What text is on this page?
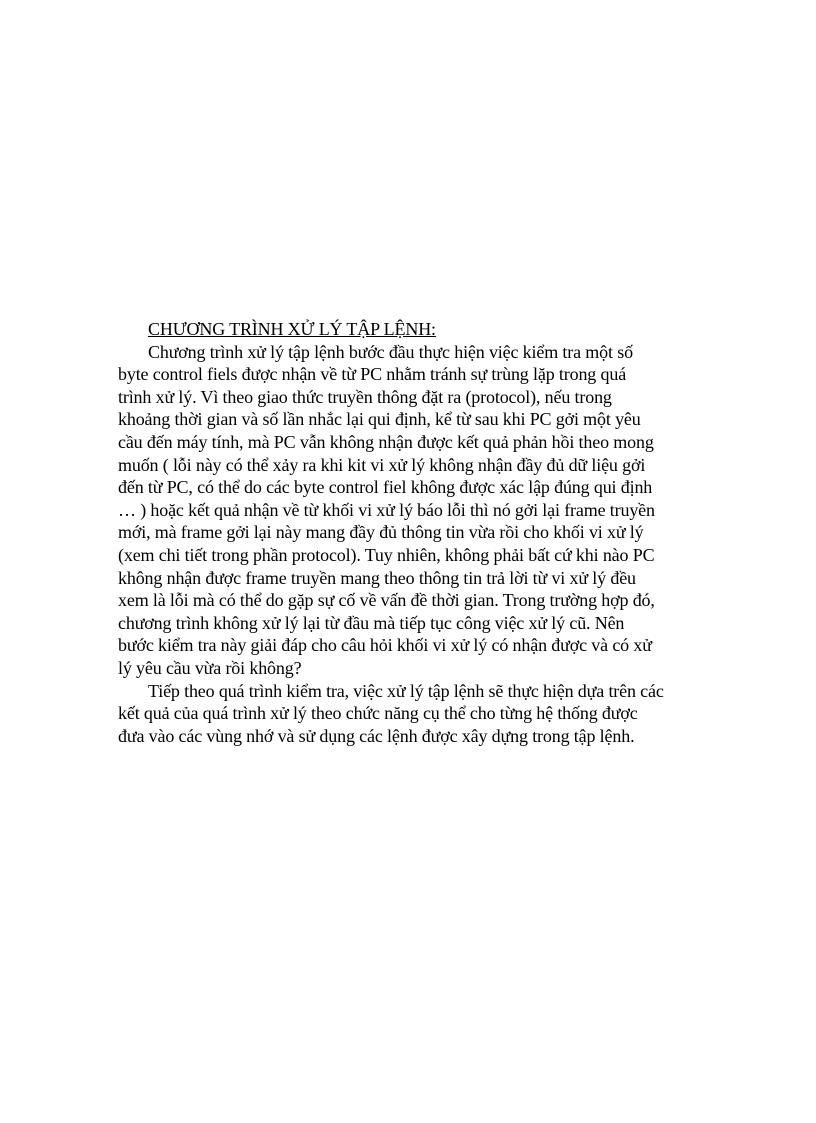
CHƯƠNG TRÌNH XỬ LÝ TẬP LỆNH:

Chương trình xử lý tập lệnh bước đầu thực hiện việc kiểm tra một số
byte control fiels được nhận về từ PC nhằm tránh sự trùng lặp trong quá
trình xử lý. Vì theo giao thức truyền thông đặt ra (protocol), nếu trong
khoảng thời gian và số lần nhắc lại qui định, kể từ sau khi PC gởi một yêu
cầu đến máy tính, mà PC vẫn không nhận được kết quả phản hồi theo mong
muốn ( lỗi này có thể xảy ra khi kit vi xử lý không nhận đầy đủ dữ liệu gởi
đến từ PC, có thể do các byte control fiel không được xác lập đúng qui định
… ) hoặc kết quả nhận về từ khối vi xử lý báo lỗi thì nó gởi lại frame truyền
mới, mà frame gởi lại này mang đầy đủ thông tin vừa rồi cho khối vi xử lý
(xem chi tiết trong phần protocol). Tuy nhiên, không phải bất cứ khi nào PC
không nhận được frame truyền mang theo thông tin trả lời từ vi xử lý đều
xem là lỗi mà có thể do gặp sự cố về vấn đề thời gian. Trong trường hợp đó,
chương trình không xử lý lại từ đầu mà tiếp tục công việc xử lý cũ. Nên
bước kiểm tra này giải đáp cho câu hỏi khối vi xử lý có nhận được và có xử
lý yêu cầu vừa rồi không?

Tiếp theo quá trình kiểm tra, việc xử lý tập lệnh sẽ thực hiện dựa trên các
kết quả của quá trình xử lý theo chức năng cụ thể cho từng hệ thống được
đưa vào các vùng nhớ và sử dụng các lệnh được xây dựng trong tập lệnh.
